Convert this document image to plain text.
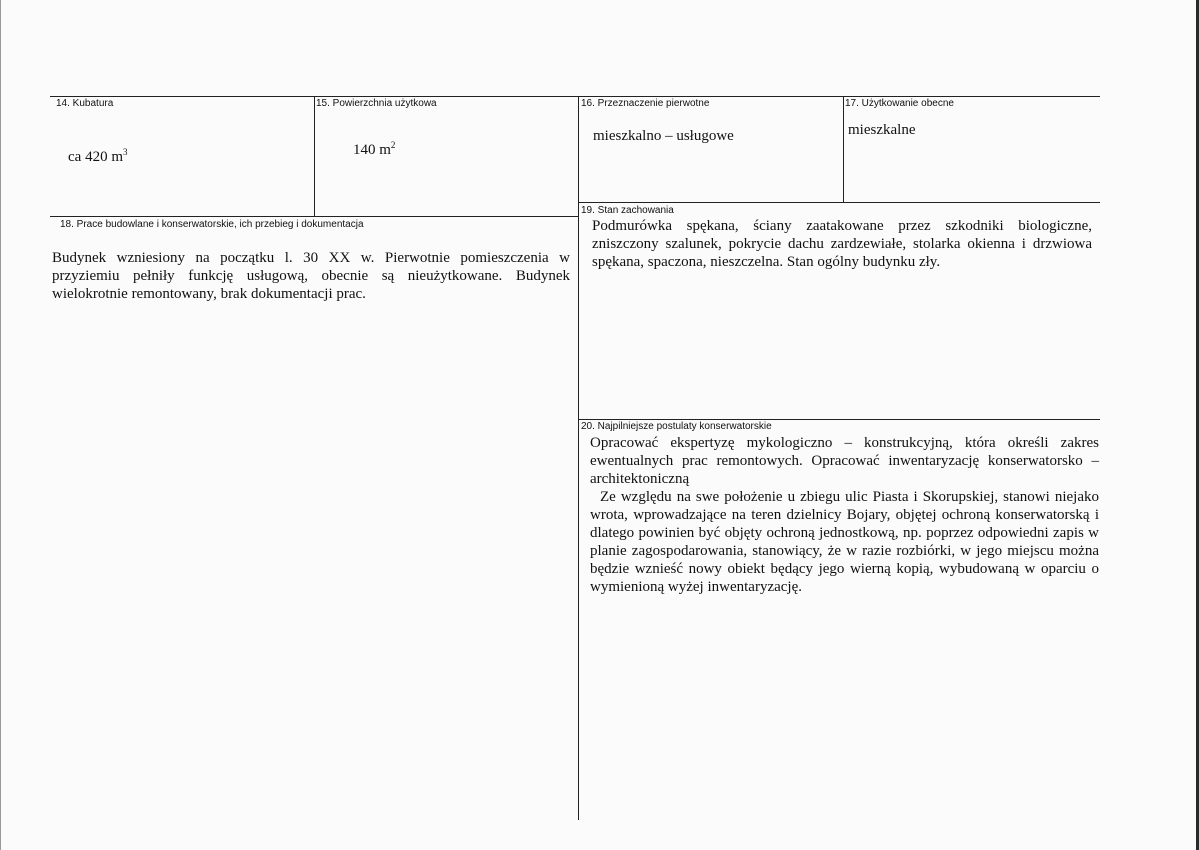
14. Kubatura
ca 420 $m^3$
15. Powierzchnia użytkowa
140 $m^2$
16. Przeznaczenie pierwotne
mieszkalno – usługowe
17. Użytkowanie obecne
mieszkalne
18. Prace budowlane i konserwatorskie, ich przebieg i dokumentacja
Budynek wzniesiony na początku l. 30 XX w. Pierwotnie pomieszczenia w przyziemiu pełniły funkcję usługową, obecnie są nieużytkowane. Budynek wielokrotnie remontowany, brak dokumentacji prac.
19. Stan zachowania
Podmurówka spękana, ściany zaatakowane przez szkodniki biologiczne, zniszczony szalunek, pokrycie dachu zardzewiałe, stolarka okienna i drzwiowa spękana, spaczona, nieszczelna. Stan ogólny budynku zły.
20. Najpilniejsze postulaty konserwatorskie

Opracować ekspertyzę mykologiczno – konstrukcyjną, która określi zakres ewentualnych prac remontowych. Opracować inwentaryzację konserwatorsko – architektoniczną

Ze względu na swe położenie u zbiegu ulic Piasta i Skorupskiej, stanowi niejako wrota, wprowadzające na teren dzielnicy Bojary, objętej ochroną konserwatorską i dlatego powinien być objęty ochroną jednostkową, np. poprzez odpowiedni zapis w planie zagospodarowania, stanowiący, że w razie rozbiórki, w jego miejscu można będzie wznieść nowy obiekt będący jego wierną kopią, wybudowaną w oparciu o wymienioną wyżej inwentaryzację.
